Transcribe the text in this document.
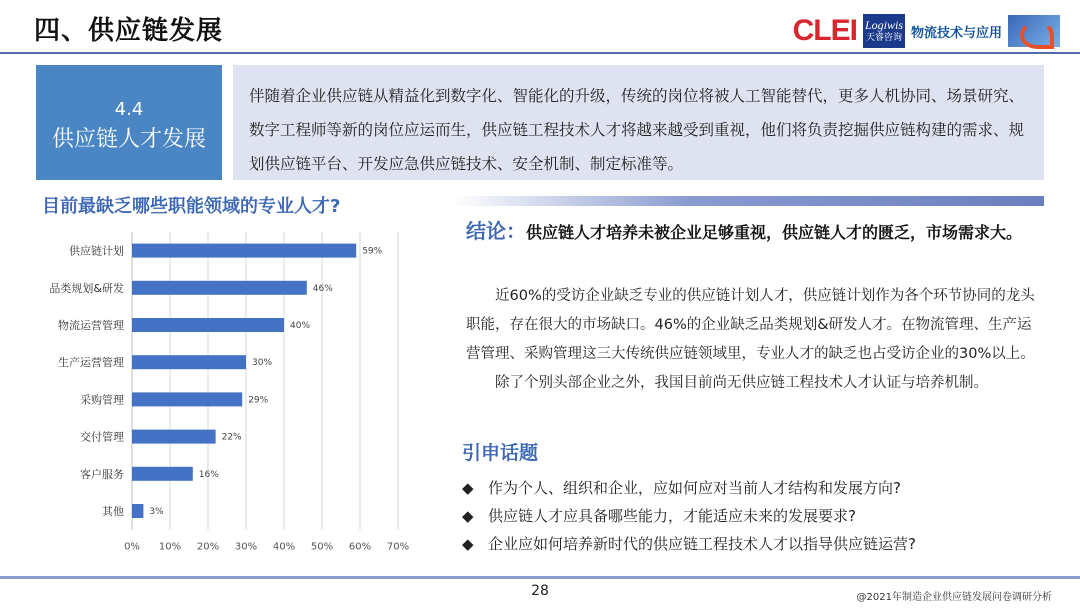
四、供应链发展	CLEI Logiwis
天睿咨询 物流技术与应用
4.4
供应链人才发展
伴随着企业供应链从精益化到数字化、智能化的升级，传统的岗位将被人工智能替代，更多人机协同、场景研究、数字工程师等新的岗位应运而生，供应链工程技术人才将越来越受到重视，他们将负责挖掘供应链构建的需求、规划供应链平台、开发应急供应链技术、安全机制、制定标准等。
目前最缺乏哪些职能领域的专业人才?
0% 10% 20% 30% 40% 50% 60% 70%
供应链计划	59%
品类规划&研发	46%
物流运营管理	40%
生产运营管理	30%
采购管理	29%
交付管理	22%
客户服务	16%
其他	3%
结论：供应链人才培养未被企业足够重视，供应链人才的匮乏，市场需求大。

近60%的受访企业缺乏专业的供应链计划人才，供应链计划作为各个环节协同的龙头职能，存在很大的市场缺口。46%的企业缺乏品类规划&研发人才。在物流管理、生产运营管理、采购管理这三大传统供应链领域里，专业人才的缺乏也占受访企业的30%以上。

除了个别头部企业之外，我国目前尚无供应链工程技术人才认证与培养机制。

引申话题
◆ 作为个人、组织和企业，应如何应对当前人才结构和发展方向?
◆ 供应链人才应具备哪些能力，才能适应未来的发展要求?
◆ 企业应如何培养新时代的供应链工程技术人才以指导供应链运营?
28	@2021年制造企业供应链发展问卷调研分析
